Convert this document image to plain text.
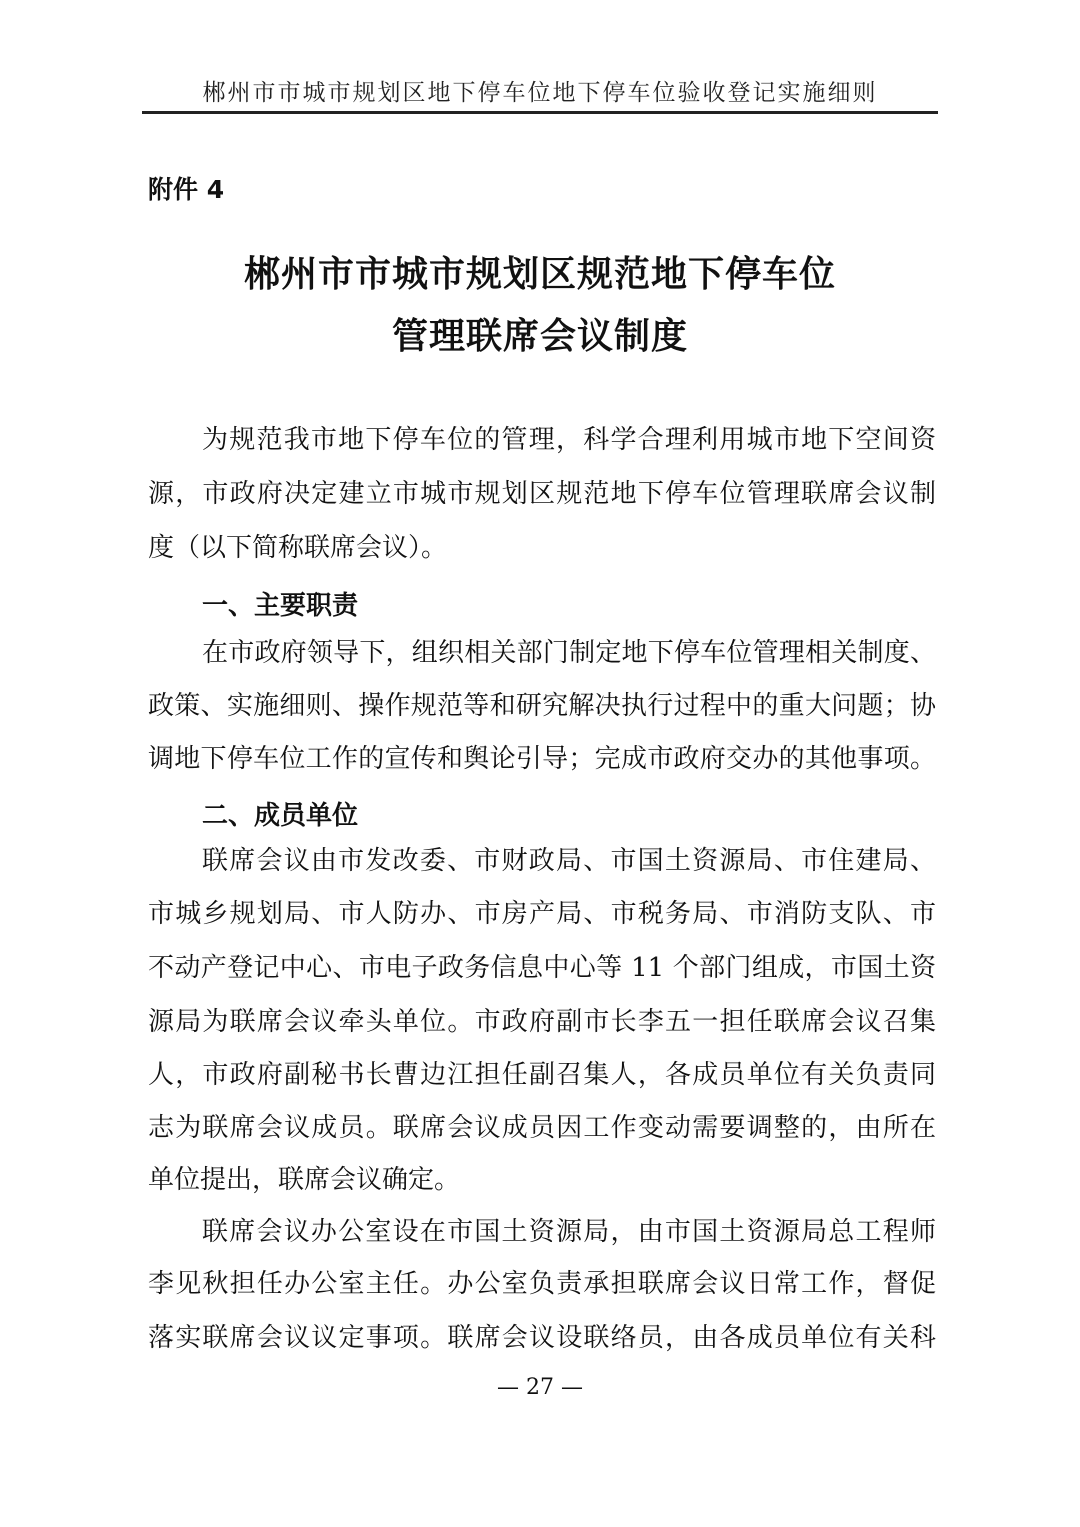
郴州市市城市规划区地下停车位地下停车位验收登记实施细则
附件 4
郴州市市城市规划区规范地下停车位
管理联席会议制度
为规范我市地下停车位的管理，科学合理利用城市地下空间资
源，市政府决定建立市城市规划区规范地下停车位管理联席会议制
度（以下简称联席会议）。
一、主要职责
在市政府领导下，组织相关部门制定地下停车位管理相关制度、
政策、实施细则、操作规范等和研究解决执行过程中的重大问题；协
调地下停车位工作的宣传和舆论引导；完成市政府交办的其他事项。
二、成员单位
联席会议由市发改委、市财政局、市国土资源局、市住建局、
市城乡规划局、市人防办、市房产局、市税务局、市消防支队、市
不动产登记中心、市电子政务信息中心等 11 个部门组成，市国土资
源局为联席会议牵头单位。市政府副市长李五一担任联席会议召集
人，市政府副秘书长曹边江担任副召集人，各成员单位有关负责同
志为联席会议成员。联席会议成员因工作变动需要调整的，由所在
单位提出，联席会议确定。
联席会议办公室设在市国土资源局，由市国土资源局总工程师
李见秋担任办公室主任。办公室负责承担联席会议日常工作，督促
落实联席会议议定事项。联席会议设联络员，由各成员单位有关科
— 27 —
